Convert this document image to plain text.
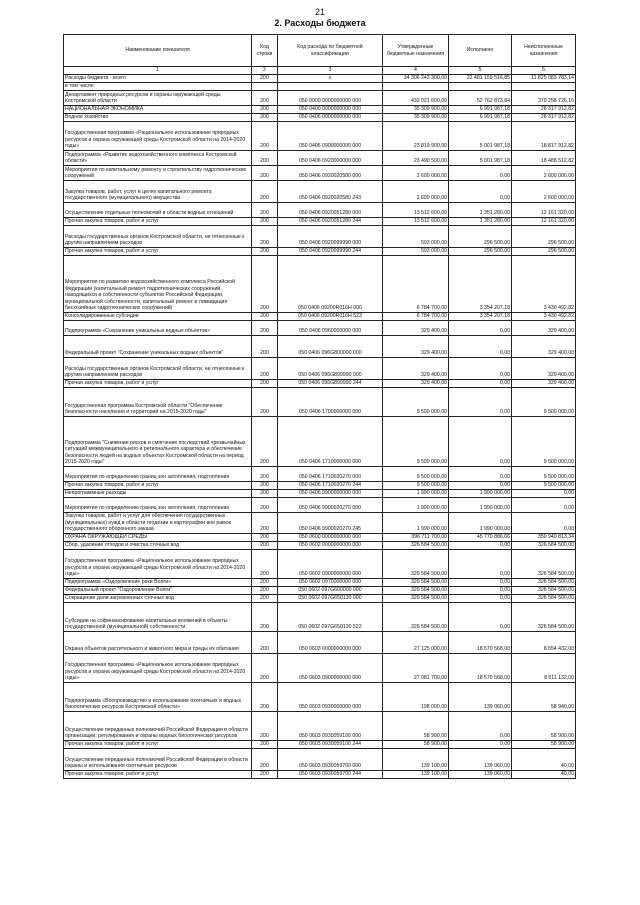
21
2. Расходы бюджета
Наименование показателя	Код строки	Код расхода по бюджетной классификации	Утвержденные бюджетные назначения	Исполнено	Неисполненные назначения
1	2	3	4	5	6
Расходы бюджета - всего	200	x	34 306 243 300,00	22 481 159 516,85	11 825 083 783,14
в том числе:					
Департамент природных ресурсов и охраны окружающей среды Костромской области	200	050 0000 0000000000 000	432 021 600,00	52 762 873,84	379 258 726,16
НАЦИОНАЛЬНАЯ ЭКОНОМИКА	200	050 0400 0000000000 000	35 309 900,00	6 991 987,18	28 317 912,82
Водное хозяйство	200	050 0406 0000000000 000	35 309 900,00	6 991 987,18	28 317 912,82
Государственная программа «Рациональное использование природных ресурсов и охрана окружающей среды Костромской области на 2014-2020 годы»	200	050 0406 0900000000 000	23 819 900,00	5 001 987,18	18 817 912,82
Подпрограмма «Развитие водохозяйственного комплекса Костромской области»	200	050 0406 0920000000 000	23 490 500,00	5 001 987,18	18 488 512,82
Мероприятия по капитальному ремонту и строительству гидротехнических сооружений	200	050 0406 0920020580 000	2 600 000,00	0,00	2 600 000,00
Закупка товаров, работ, услуг в целях капитального ремонта государственного (муниципального) имущества	200	050 0406 0920020580 243	2 600 000,00	0,00	2 600 000,00
Осуществление отдельных полномочий в области водных отношений	200	050 0406 0920051280 000	13 512 600,00	1 351 280,00	12 161 320,00
Прочая закупка товаров, работ и услуг	200	050 0406 0920051280 244	13 512 600,00	1 351 280,00	12 161 320,00
Расходы государственных органов Костромской области, не отнесенные к другим направлениям расходов	200	050 0406 0920099990 000	593 000,00	296 500,00	296 500,00
Прочая закупка товаров, работ и услуг	200	050 0406 0920099990 244	593 000,00	296 500,00	296 500,00
Мероприятия по развитию водохозяйственного комплекса Российской Федерации (капитальный ремонт гидротехнических сооружений, находящихся в собственности субъектов Российской Федерации, муниципальной собственности, капитальный ремонт и ликвидация бесхозяйных гидротехнических сооружений)	200	050 0406 09200R016H 000	6 784 700,00	3 354 207,18	3 430 492,82
Консолидированные субсидии	200	050 0406 09200R016H 523	6 784 700,00	3 354 207,18	3 430 492,82
Подпрограмма «Сохранение уникальных водных объектов»	200	050 0406 0960000000 000	329 400,00	0,00	329 400,00
Федеральный проект "Сохранение уникальных водных объектов"	200	050 0406 096G800000 000	329 400,00	0,00	329 400,00
Расходы государственных органов Костромской области, не отнесенные к другим направлениям расходов	200	050 0406 096G899990 000	329 400,00	0,00	329 400,00
Прочая закупка товаров, работ и услуг	200	050 0406 096G899990 244	329 400,00	0,00	329 400,00
Государственная программа Костромской области "Обеспечение безопасности населения и территорий на 2015-2020 годы"	200	050 0406 1700000000 000	9 500 000,00	0,00	9 500 000,00
Подпрограмма "Снижение рисков и смягчение последствий чрезвычайных ситуаций межмуниципального и регионального характера и обеспечение безопасности людей на водных объектах Костромской области на период 2015-2020 годы"	200	050 0406 1710000000 000	9 500 000,00	0,00	9 500 000,00
Мероприятия по определению границ зон затопления, подтопления	200	050 0406 1710020270 000	9 500 000,00	0,00	9 500 000,00
Прочая закупка товаров, работ и услуг	200	050 0406 1710020270 244	9 500 000,00	0,00	9 500 000,00
Непрограммные расходы	200	050 0406 9900000000 000	1 990 000,00	1 990 000,00	0,00
Мероприятия по определению границ зон затопления, подтопления	200	050 0406 9900020270 000	1 990 000,00	1 990 000,00	0,00
Закупка товаров, работ и услуг для обеспечения государственных (муниципальных) нужд в области геодезии и картографии вне рамок государственного оборонного заказа	200	050 0406 9900020270 245	1 990 000,00	1 990 000,00	0,00
ОХРАНА ОКРУЖАЮЩЕЙ СРЕДЫ	200	050 0600 0000000000 000	396 711 700,00	45 770 886,66	350 940 813,34
Сбор, удаление отходов и очистка сточных вод	200	050 0602 0000000000 000	326 584 500,00	0,00	326 584 500,00
Государственная программа «Рациональное использование природных ресурсов и охрана окружающей среды Костромской области на 2014-2020 годы»	200	050 0602 0900000000 000	326 584 500,00	0,00	326 584 500,00
Подпрограмма «Оздоровление реки Волги»	200	050 0602 0970000000 000	326 584 500,00	0,00	326 584 500,00
Федеральный проект "Оздоровление Волги"	200	050 0602 097G600000 000	326 584 500,00	0,00	326 584 500,00
Сокращение доли загрязненных сточных вод	200	050 0602 097G650130 000	326 584 500,00	0,00	326 584 500,00
Субсидии на софинансирование капитальных вложений в объекты государственной (муниципальной) собственности	200	050 0602 097G650130 522	326 584 500,00	0,00	326 584 500,00
Охрана объектов растительного и животного мира и среды их обитания	200	050 0603 0000000000 000	27 125 000,00	18 570 568,00	8 554 432,00
Государственная программа «Рациональное использование природных ресурсов и охрана окружающей среды Костромской области на 2014-2020 годы»	200	050 0603 0900000000 000	27 081 700,00	18 570 568,00	8 511 132,00
Подпрограмма «Воспроизводство и использование охотничьих и водных биологических ресурсов Костромской области»	200	050 0603 0930000000 000	198 000,00	139 060,00	58 940,00
Осуществление переданных полномочий Российской Федерации в области организации, регулирования и охраны водных биологических ресурсов	200	050 0603 0930059100 000	58 900,00	0,00	58 900,00
Прочая закупка товаров, работ и услуг	200	050 0603 0930059100 244	58 900,00	0,00	58 900,00
Осуществление переданных полномочий Российской Федерации в области охраны и использования охотничьих ресурсов	200	050 0603 0930059700 000	139 100,00	139 060,00	40,00
Прочая закупка товаров, работ и услуг	200	050 0603 0930059700 244	139 100,00	139 060,00	40,00
